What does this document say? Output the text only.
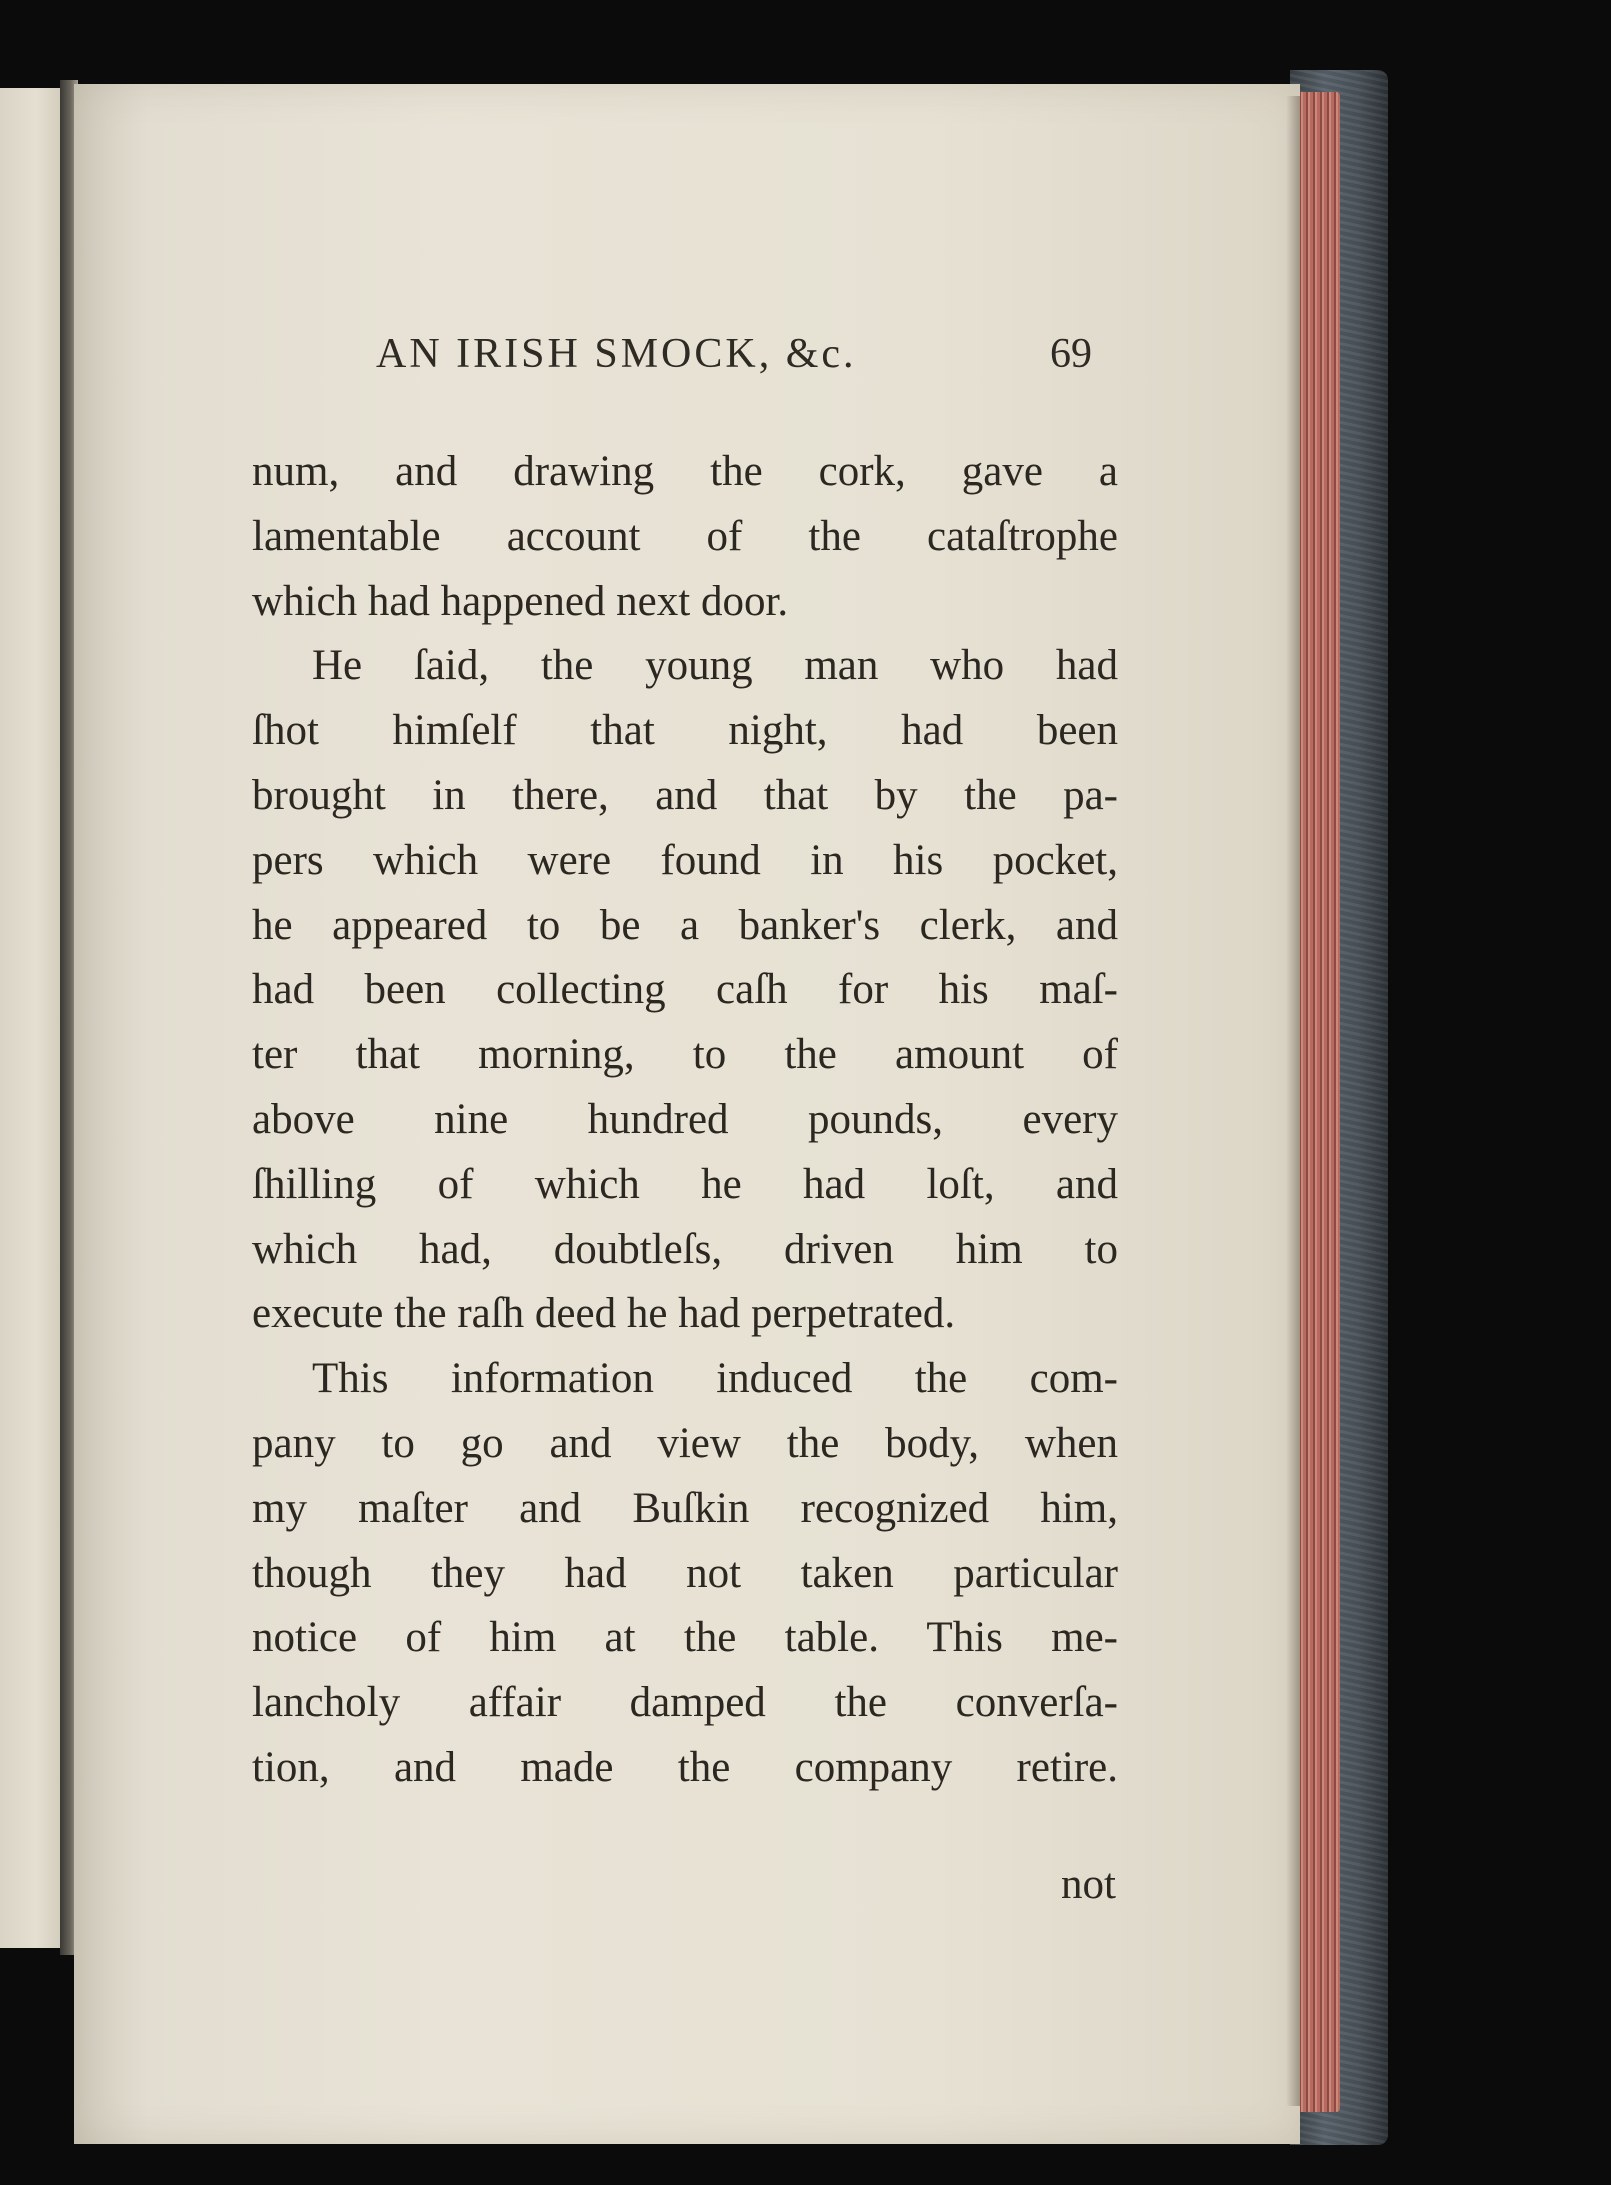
AN IRISH SMOCK, &c.	69
num, and drawing the cork, gave a
lamentable account of the cataſtrophe
which had happened next door.
He ſaid, the young man who had
ſhot himſelf that night, had been
brought in there, and that by the pa-
pers which were found in his pocket,
he appeared to be a banker's clerk, and
had been collecting caſh for his maſ-
ter that morning, to the amount of
above nine hundred pounds, every
ſhilling of which he had loſt, and
which had, doubtleſs, driven him to
execute the raſh deed he had perpetrated.
This information induced the com-
pany to go and view the body, when
my maſter and Buſkin recognized him,
though they had not taken particular
notice of him at the table. This me-
lancholy affair damped the converſa-
tion, and made the company retire.
not
